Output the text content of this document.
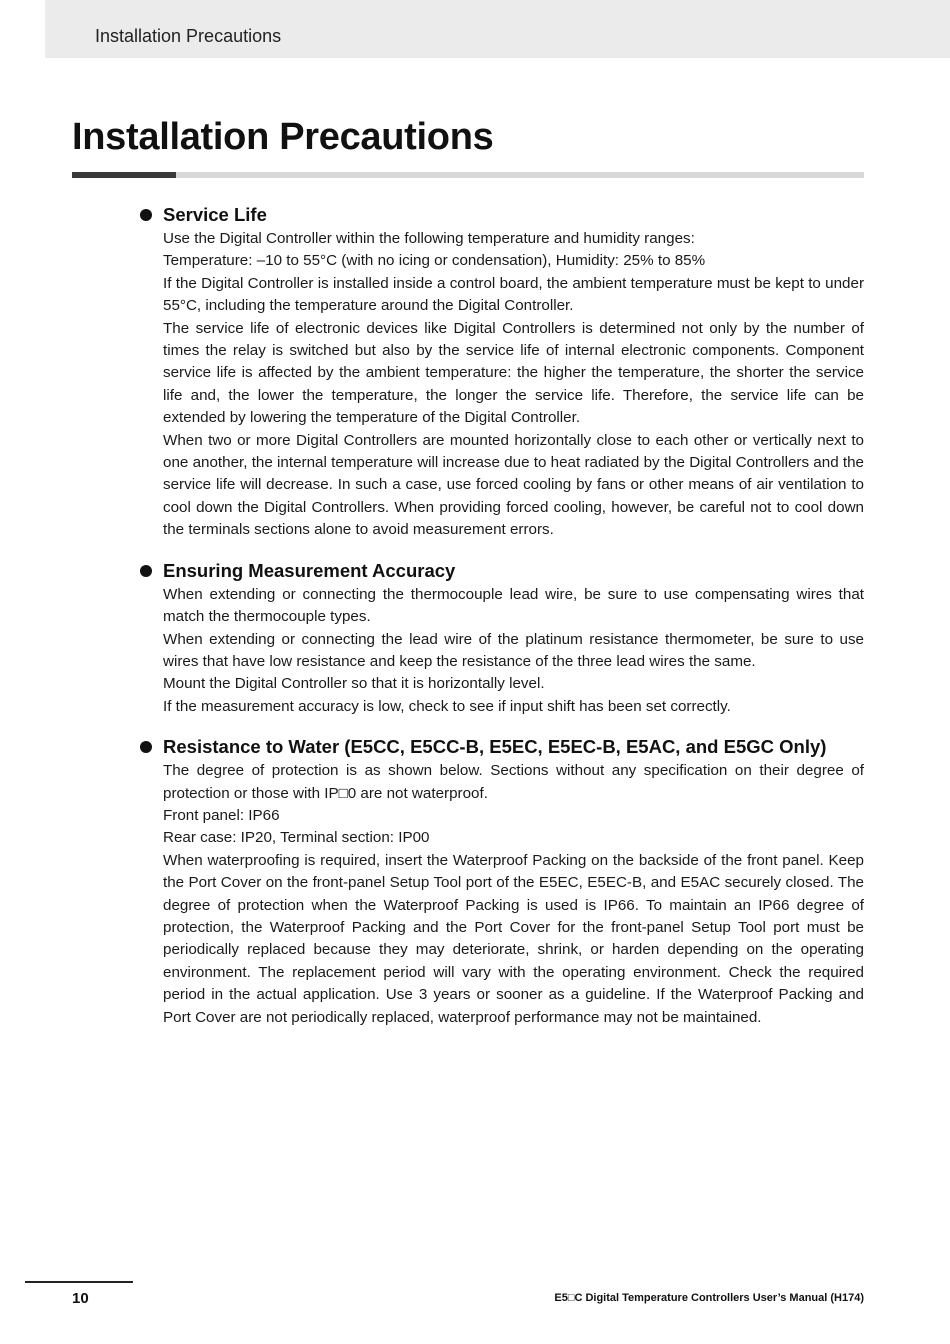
Installation Precautions
Installation Precautions
Service Life

Use the Digital Controller within the following temperature and humidity ranges:

Temperature: –10 to 55°C (with no icing or condensation), Humidity: 25% to 85%

If the Digital Controller is installed inside a control board, the ambient temperature must be kept to under 55°C, including the temperature around the Digital Controller.

The service life of electronic devices like Digital Controllers is determined not only by the number of times the relay is switched but also by the service life of internal electronic components. Component service life is affected by the ambient temperature: the higher the temperature, the shorter the service life and, the lower the temperature, the longer the service life. Therefore, the service life can be extended by lowering the temperature of the Digital Controller.

When two or more Digital Controllers are mounted horizontally close to each other or vertically next to one another, the internal temperature will increase due to heat radiated by the Digital Controllers and the service life will decrease. In such a case, use forced cooling by fans or other means of air ventilation to cool down the Digital Controllers. When providing forced cooling, however, be careful not to cool down the terminals sections alone to avoid measurement errors.

Ensuring Measurement Accuracy

When extending or connecting the thermocouple lead wire, be sure to use compensating wires that match the thermocouple types.

When extending or connecting the lead wire of the platinum resistance thermometer, be sure to use wires that have low resistance and keep the resistance of the three lead wires the same.

Mount the Digital Controller so that it is horizontally level.

If the measurement accuracy is low, check to see if input shift has been set correctly.

Resistance to Water (E5CC, E5CC-B, E5EC, E5EC-B, E5AC, and E5GC Only)

The degree of protection is as shown below. Sections without any specification on their degree of protection or those with IP□0 are not waterproof.

Front panel: IP66

Rear case: IP20, Terminal section: IP00

When waterproofing is required, insert the Waterproof Packing on the backside of the front panel. Keep the Port Cover on the front-panel Setup Tool port of the E5EC, E5EC-B, and E5AC securely closed. The degree of protection when the Waterproof Packing is used is IP66. To maintain an IP66 degree of protection, the Waterproof Packing and the Port Cover for the front-panel Setup Tool port must be periodically replaced because they may deteriorate, shrink, or harden depending on the operating environment. The replacement period will vary with the operating environment. Check the required period in the actual application. Use 3 years or sooner as a guideline. If the Waterproof Packing and Port Cover are not periodically replaced, waterproof performance may not be maintained.

10	E5□C Digital Temperature Controllers User’s Manual (H174)
